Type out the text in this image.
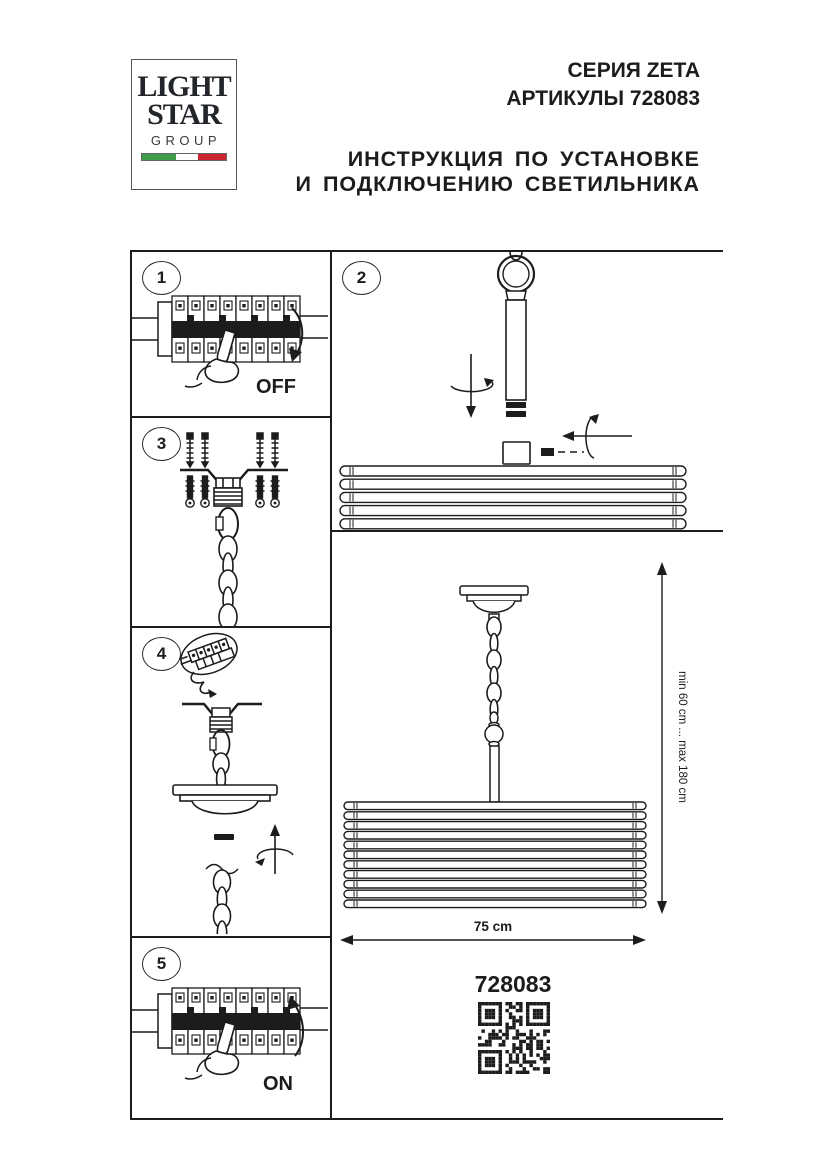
LIGHT
STAR
GROUP
СЕРИЯ ZETA
АРТИКУЛЫ 728083
ИНСТРУКЦИЯ ПО УСТАНОВКЕ
И ПОДКЛЮЧЕНИЮ СВЕТИЛЬНИКА
1
OFF
3
4
5
ON
2
min 60 cm ... max 180 cm
75 cm
728083
